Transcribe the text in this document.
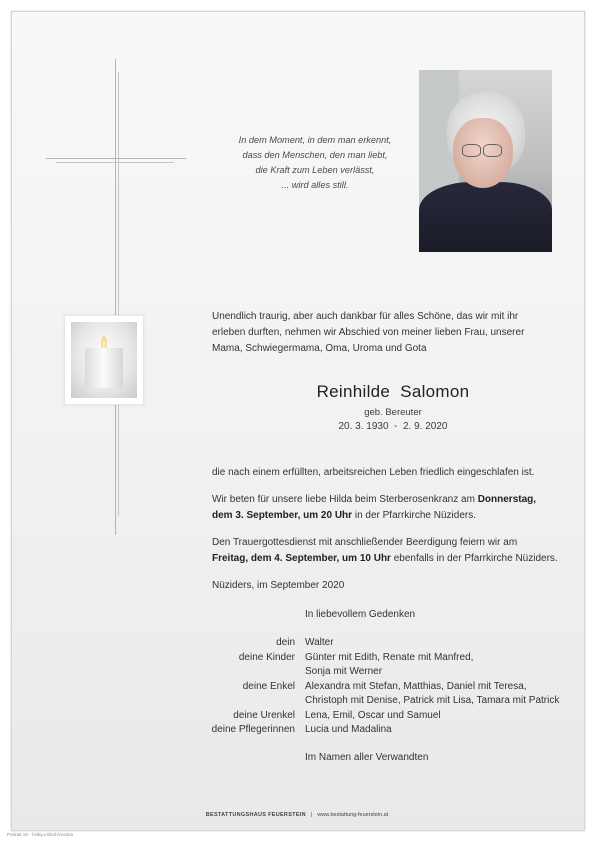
In dem Moment, in dem man erkennt,
dass den Menschen, den man liebt,
die Kraft zum Leben verlässt,
... wird alles still.
Unendlich traurig, aber auch dankbar für alles Schöne, das wir mit ihr
erleben durften, nehmen wir Abschied von meiner lieben Frau, unserer
Mama, Schwiegermama, Oma, Uroma und Gota
Reinhilde  Salomon
geb. Bereuter
20. 3. 1930  -  2. 9. 2020
die nach einem erfüllten, arbeitsreichen Leben friedlich eingeschlafen ist.
Wir beten für unsere liebe Hilda beim Sterberosenkranz am Donnerstag,
dem 3. September, um 20 Uhr in der Pfarrkirche Nüziders.
Den Trauergottesdienst mit anschließender Beerdigung feiern wir am
Freitag, dem 4. September, um 10 Uhr ebenfalls in der Pfarrkirche Nüziders.
Nüziders, im September 2020
In liebevollem Gedenken
dein Walter
deine Kinder Günter mit Edith, Renate mit Manfred,
Sonja mit Werner
deine Enkel Alexandra mit Stefan, Matthias, Daniel mit Teresa,
Christoph mit Denise, Patrick mit Lisa, Tamara mit Patrick
deine Urenkel Lena, Emil, Oscar und Samuel
deine Pflegerinnen Lucia und Madalina
Im Namen aller Verwandten
BESTATTUNGSHAUS FEUERSTEIN | www.bestattung-feuerstein.at
Portrait 19 - ÄHby.LXtech/Austria
